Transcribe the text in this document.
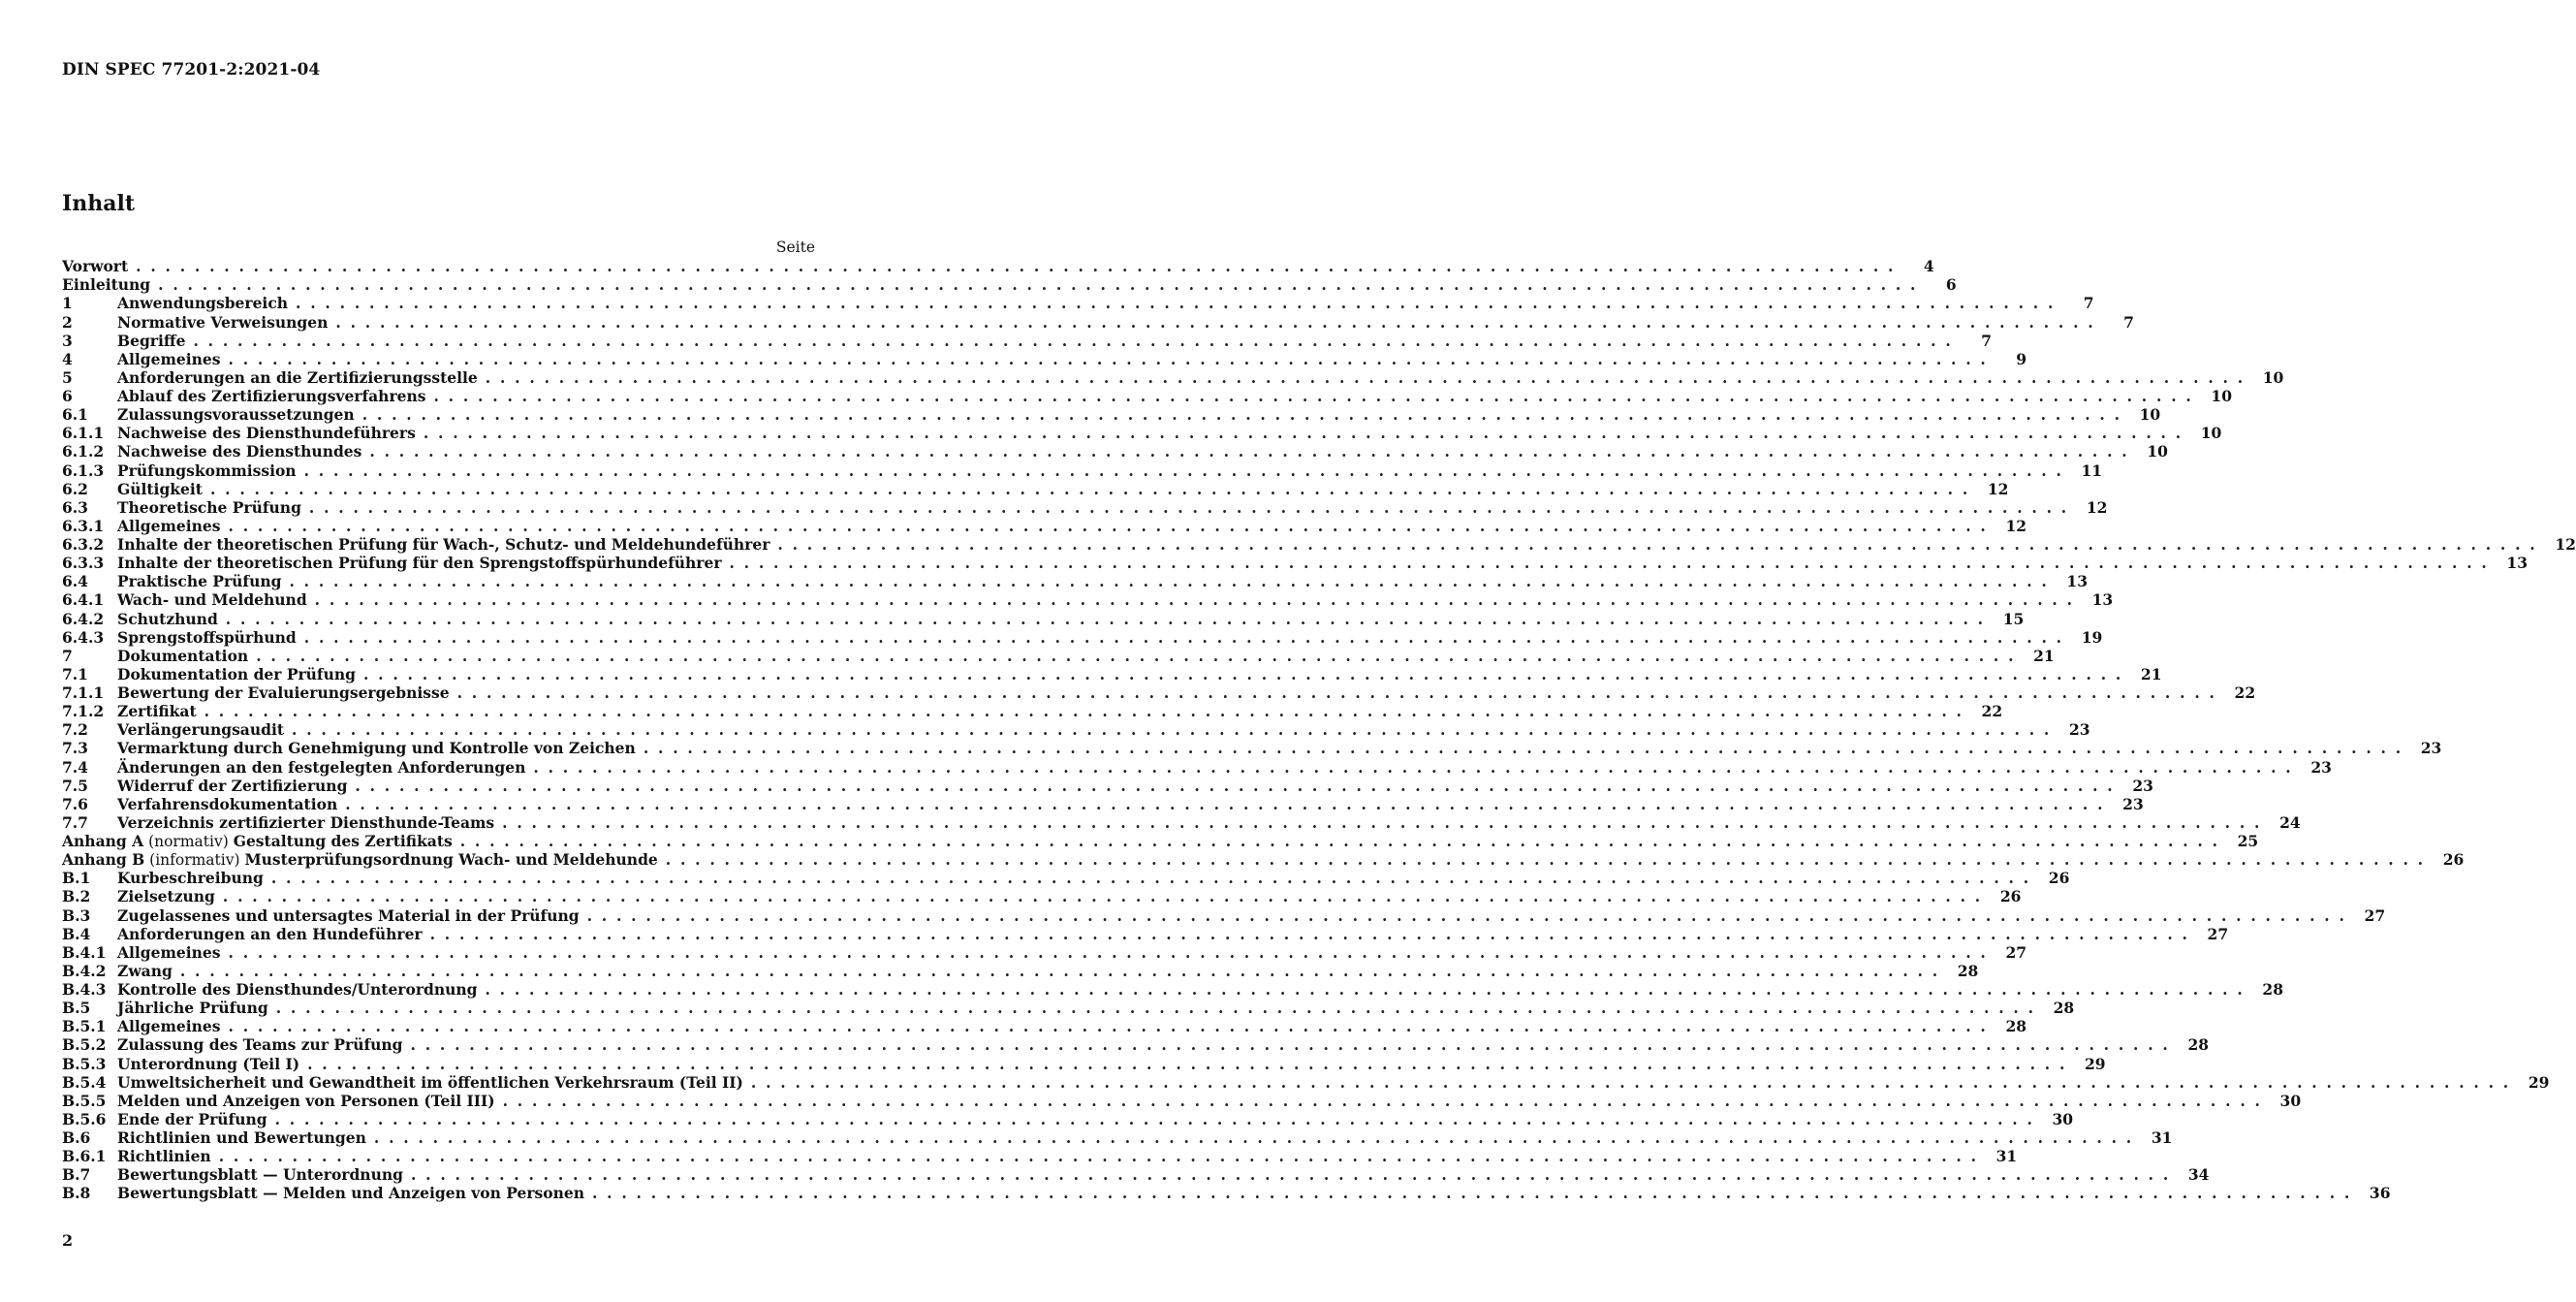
DIN SPEC 77201-2:2021-04
Inhalt
Seite
Vorwort . . . . . . . . . . . . . . . . . . . . . . . . . . . . . . . . . . . . . . . . . . . . . . . . . . . . . . . . . . . . . . . . . . . . . . . . . . . . . . . . . . . . . . . . . . . . . . . . . . . . . . . . . . . . . . . . . . . . . . . .	4
Einleitung . . . . . . . . . . . . . . . . . . . . . . . . . . . . . . . . . . . . . . . . . . . . . . . . . . . . . . . . . . . . . . . . . . . . . . . . . . . . . . . . . . . . . . . . . . . . . . . . . . . . . . . . . . . . . . . . . . . . . . . .	6
1	Anwendungsbereich . . . . . . . . . . . . . . . . . . . . . . . . . . . . . . . . . . . . . . . . . . . . . . . . . . . . . . . . . . . . . . . . . . . . . . . . . . . . . . . . . . . . . . . . . . . . . . . . . . . . . . . . . . . . . . . . . . . . . . . .	7
2	Normative Verweisungen . . . . . . . . . . . . . . . . . . . . . . . . . . . . . . . . . . . . . . . . . . . . . . . . . . . . . . . . . . . . . . . . . . . . . . . . . . . . . . . . . . . . . . . . . . . . . . . . . . . . . . . . . . . . . . . . . . . . . . . .	7
3	Begriffe . . . . . . . . . . . . . . . . . . . . . . . . . . . . . . . . . . . . . . . . . . . . . . . . . . . . . . . . . . . . . . . . . . . . . . . . . . . . . . . . . . . . . . . . . . . . . . . . . . . . . . . . . . . . . . . . . . . . . . . .	7
4	Allgemeines . . . . . . . . . . . . . . . . . . . . . . . . . . . . . . . . . . . . . . . . . . . . . . . . . . . . . . . . . . . . . . . . . . . . . . . . . . . . . . . . . . . . . . . . . . . . . . . . . . . . . . . . . . . . . . . . . . . . . . . .	9
5	Anforderungen an die Zertifizierungsstelle . . . . . . . . . . . . . . . . . . . . . . . . . . . . . . . . . . . . . . . . . . . . . . . . . . . . . . . . . . . . . . . . . . . . . . . . . . . . . . . . . . . . . . . . . . . . . . . . . . . . . . . . . . . . . . . . . . . . . . . .	10
6	Ablauf des Zertifizierungsverfahrens . . . . . . . . . . . . . . . . . . . . . . . . . . . . . . . . . . . . . . . . . . . . . . . . . . . . . . . . . . . . . . . . . . . . . . . . . . . . . . . . . . . . . . . . . . . . . . . . . . . . . . . . . . . . . . . . . . . . . . . .	10
6.1	Zulassungsvoraussetzungen . . . . . . . . . . . . . . . . . . . . . . . . . . . . . . . . . . . . . . . . . . . . . . . . . . . . . . . . . . . . . . . . . . . . . . . . . . . . . . . . . . . . . . . . . . . . . . . . . . . . . . . . . . . . . . . . . . . . . . . .	10
6.1.1 Nachweise des Diensthundeführers . . . . . . . . . . . . . . . . . . . . . . . . . . . . . . . . . . . . . . . . . . . . . . . . . . . . . . . . . . . . . . . . . . . . . . . . . . . . . . . . . . . . . . . . . . . . . . . . . . . . . . . . . . . . . . . . . . . . . . . .	10
6.1.2 Nachweise des Diensthundes . . . . . . . . . . . . . . . . . . . . . . . . . . . . . . . . . . . . . . . . . . . . . . . . . . . . . . . . . . . . . . . . . . . . . . . . . . . . . . . . . . . . . . . . . . . . . . . . . . . . . . . . . . . . . . . . . . . . . . . .	10
6.1.3 Prüfungskommission . . . . . . . . . . . . . . . . . . . . . . . . . . . . . . . . . . . . . . . . . . . . . . . . . . . . . . . . . . . . . . . . . . . . . . . . . . . . . . . . . . . . . . . . . . . . . . . . . . . . . . . . . . . . . . . . . . . . . . . .	11
6.2	Gültigkeit . . . . . . . . . . . . . . . . . . . . . . . . . . . . . . . . . . . . . . . . . . . . . . . . . . . . . . . . . . . . . . . . . . . . . . . . . . . . . . . . . . . . . . . . . . . . . . . . . . . . . . . . . . . . . . . . . . . . . . . .	12
6.3	Theoretische Prüfung . . . . . . . . . . . . . . . . . . . . . . . . . . . . . . . . . . . . . . . . . . . . . . . . . . . . . . . . . . . . . . . . . . . . . . . . . . . . . . . . . . . . . . . . . . . . . . . . . . . . . . . . . . . . . . . . . . . . . . . .	12
6.3.1 Allgemeines . . . . . . . . . . . . . . . . . . . . . . . . . . . . . . . . . . . . . . . . . . . . . . . . . . . . . . . . . . . . . . . . . . . . . . . . . . . . . . . . . . . . . . . . . . . . . . . . . . . . . . . . . . . . . . . . . . . . . . . .	12
6.3.2 Inhalte der theoretischen Prüfung für Wach-, Schutz- und Meldehundeführer . . . . . . . . . . . . . . . . . . . . . . . . . . . . . . . . . . . . . . . . . . . . . . . . . . . . . . . . . . . . . . . . . . . . . . . . . . . . . . . . . . . . . . . . . . . . . . . . . . . . . . . . . . . . . . . . . . . . . . . .	12
6.3.3 Inhalte der theoretischen Prüfung für den Sprengstoffspürhundeführer . . . . . . . . . . . . . . . . . . . . . . . . . . . . . . . . . . . . . . . . . . . . . . . . . . . . . . . . . . . . . . . . . . . . . . . . . . . . . . . . . . . . . . . . . . . . . . . . . . . . . . . . . . . . . . . . . . . . . . . .	13
6.4	Praktische Prüfung . . . . . . . . . . . . . . . . . . . . . . . . . . . . . . . . . . . . . . . . . . . . . . . . . . . . . . . . . . . . . . . . . . . . . . . . . . . . . . . . . . . . . . . . . . . . . . . . . . . . . . . . . . . . . . . . . . . . . . . .	13
6.4.1 Wach- und Meldehund . . . . . . . . . . . . . . . . . . . . . . . . . . . . . . . . . . . . . . . . . . . . . . . . . . . . . . . . . . . . . . . . . . . . . . . . . . . . . . . . . . . . . . . . . . . . . . . . . . . . . . . . . . . . . . . . . . . . . . . .	13
6.4.2 Schutzhund . . . . . . . . . . . . . . . . . . . . . . . . . . . . . . . . . . . . . . . . . . . . . . . . . . . . . . . . . . . . . . . . . . . . . . . . . . . . . . . . . . . . . . . . . . . . . . . . . . . . . . . . . . . . . . . . . . . . . . . .	15
6.4.3 Sprengstoffspürhund . . . . . . . . . . . . . . . . . . . . . . . . . . . . . . . . . . . . . . . . . . . . . . . . . . . . . . . . . . . . . . . . . . . . . . . . . . . . . . . . . . . . . . . . . . . . . . . . . . . . . . . . . . . . . . . . . . . . . . . .	19
7	Dokumentation . . . . . . . . . . . . . . . . . . . . . . . . . . . . . . . . . . . . . . . . . . . . . . . . . . . . . . . . . . . . . . . . . . . . . . . . . . . . . . . . . . . . . . . . . . . . . . . . . . . . . . . . . . . . . . . . . . . . . . . .	21
7.1	Dokumentation der Prüfung . . . . . . . . . . . . . . . . . . . . . . . . . . . . . . . . . . . . . . . . . . . . . . . . . . . . . . . . . . . . . . . . . . . . . . . . . . . . . . . . . . . . . . . . . . . . . . . . . . . . . . . . . . . . . . . . . . . . . . . .	21
7.1.1 Bewertung der Evaluierungsergebnisse . . . . . . . . . . . . . . . . . . . . . . . . . . . . . . . . . . . . . . . . . . . . . . . . . . . . . . . . . . . . . . . . . . . . . . . . . . . . . . . . . . . . . . . . . . . . . . . . . . . . . . . . . . . . . . . . . . . . . . . .	22
7.1.2 Zertifikat . . . . . . . . . . . . . . . . . . . . . . . . . . . . . . . . . . . . . . . . . . . . . . . . . . . . . . . . . . . . . . . . . . . . . . . . . . . . . . . . . . . . . . . . . . . . . . . . . . . . . . . . . . . . . . . . . . . . . . . .	22
7.2	Verlängerungsaudit . . . . . . . . . . . . . . . . . . . . . . . . . . . . . . . . . . . . . . . . . . . . . . . . . . . . . . . . . . . . . . . . . . . . . . . . . . . . . . . . . . . . . . . . . . . . . . . . . . . . . . . . . . . . . . . . . . . . . . . .	23
7.3	Vermarktung durch Genehmigung und Kontrolle von Zeichen . . . . . . . . . . . . . . . . . . . . . . . . . . . . . . . . . . . . . . . . . . . . . . . . . . . . . . . . . . . . . . . . . . . . . . . . . . . . . . . . . . . . . . . . . . . . . . . . . . . . . . . . . . . . . . . . . . . . . . . .	23
7.4	Änderungen an den festgelegten Anforderungen . . . . . . . . . . . . . . . . . . . . . . . . . . . . . . . . . . . . . . . . . . . . . . . . . . . . . . . . . . . . . . . . . . . . . . . . . . . . . . . . . . . . . . . . . . . . . . . . . . . . . . . . . . . . . . . . . . . . . . . .	23
7.5	Widerruf der Zertifizierung . . . . . . . . . . . . . . . . . . . . . . . . . . . . . . . . . . . . . . . . . . . . . . . . . . . . . . . . . . . . . . . . . . . . . . . . . . . . . . . . . . . . . . . . . . . . . . . . . . . . . . . . . . . . . . . . . . . . . . . .	23
7.6	Verfahrensdokumentation . . . . . . . . . . . . . . . . . . . . . . . . . . . . . . . . . . . . . . . . . . . . . . . . . . . . . . . . . . . . . . . . . . . . . . . . . . . . . . . . . . . . . . . . . . . . . . . . . . . . . . . . . . . . . . . . . . . . . . . .	23
7.7	Verzeichnis zertifizierter Diensthunde-Teams . . . . . . . . . . . . . . . . . . . . . . . . . . . . . . . . . . . . . . . . . . . . . . . . . . . . . . . . . . . . . . . . . . . . . . . . . . . . . . . . . . . . . . . . . . . . . . . . . . . . . . . . . . . . . . . . . . . . . . . .	24
Anhang A (normativ) Gestaltung des Zertifikats . . . . . . . . . . . . . . . . . . . . . . . . . . . . . . . . . . . . . . . . . . . . . . . . . . . . . . . . . . . . . . . . . . . . . . . . . . . . . . . . . . . . . . . . . . . . . . . . . . . . . . . . . . . . . . . . . . . . . . . .	25
Anhang B (informativ) Musterprüfungsordnung Wach- und Meldehunde . . . . . . . . . . . . . . . . . . . . . . . . . . . . . . . . . . . . . . . . . . . . . . . . . . . . . . . . . . . . . . . . . . . . . . . . . . . . . . . . . . . . . . . . . . . . . . . . . . . . . . . . . . . . . . . . . . . . . . . .	26
B.1	Kurbeschreibung . . . . . . . . . . . . . . . . . . . . . . . . . . . . . . . . . . . . . . . . . . . . . . . . . . . . . . . . . . . . . . . . . . . . . . . . . . . . . . . . . . . . . . . . . . . . . . . . . . . . . . . . . . . . . . . . . . . . . . . .	26
B.2	Zielsetzung . . . . . . . . . . . . . . . . . . . . . . . . . . . . . . . . . . . . . . . . . . . . . . . . . . . . . . . . . . . . . . . . . . . . . . . . . . . . . . . . . . . . . . . . . . . . . . . . . . . . . . . . . . . . . . . . . . . . . . . .	26
B.3	Zugelassenes und untersagtes Material in der Prüfung . . . . . . . . . . . . . . . . . . . . . . . . . . . . . . . . . . . . . . . . . . . . . . . . . . . . . . . . . . . . . . . . . . . . . . . . . . . . . . . . . . . . . . . . . . . . . . . . . . . . . . . . . . . . . . . . . . . . . . . .	27
B.4	Anforderungen an den Hundeführer . . . . . . . . . . . . . . . . . . . . . . . . . . . . . . . . . . . . . . . . . . . . . . . . . . . . . . . . . . . . . . . . . . . . . . . . . . . . . . . . . . . . . . . . . . . . . . . . . . . . . . . . . . . . . . . . . . . . . . . .	27
B.4.1 Allgemeines . . . . . . . . . . . . . . . . . . . . . . . . . . . . . . . . . . . . . . . . . . . . . . . . . . . . . . . . . . . . . . . . . . . . . . . . . . . . . . . . . . . . . . . . . . . . . . . . . . . . . . . . . . . . . . . . . . . . . . . .	27
B.4.2 Zwang . . . . . . . . . . . . . . . . . . . . . . . . . . . . . . . . . . . . . . . . . . . . . . . . . . . . . . . . . . . . . . . . . . . . . . . . . . . . . . . . . . . . . . . . . . . . . . . . . . . . . . . . . . . . . . . . . . . . . . . .	28
B.4.3 Kontrolle des Diensthundes/Unterordnung . . . . . . . . . . . . . . . . . . . . . . . . . . . . . . . . . . . . . . . . . . . . . . . . . . . . . . . . . . . . . . . . . . . . . . . . . . . . . . . . . . . . . . . . . . . . . . . . . . . . . . . . . . . . . . . . . . . . . . . .	28
B.5	Jährliche Prüfung . . . . . . . . . . . . . . . . . . . . . . . . . . . . . . . . . . . . . . . . . . . . . . . . . . . . . . . . . . . . . . . . . . . . . . . . . . . . . . . . . . . . . . . . . . . . . . . . . . . . . . . . . . . . . . . . . . . . . . . .	28
B.5.1 Allgemeines . . . . . . . . . . . . . . . . . . . . . . . . . . . . . . . . . . . . . . . . . . . . . . . . . . . . . . . . . . . . . . . . . . . . . . . . . . . . . . . . . . . . . . . . . . . . . . . . . . . . . . . . . . . . . . . . . . . . . . . .	28
B.5.2 Zulassung des Teams zur Prüfung . . . . . . . . . . . . . . . . . . . . . . . . . . . . . . . . . . . . . . . . . . . . . . . . . . . . . . . . . . . . . . . . . . . . . . . . . . . . . . . . . . . . . . . . . . . . . . . . . . . . . . . . . . . . . . . . . . . . . . . .	28
B.5.3 Unterordnung (Teil I) . . . . . . . . . . . . . . . . . . . . . . . . . . . . . . . . . . . . . . . . . . . . . . . . . . . . . . . . . . . . . . . . . . . . . . . . . . . . . . . . . . . . . . . . . . . . . . . . . . . . . . . . . . . . . . . . . . . . . . . .	29
B.5.4 Umweltsicherheit und Gewandtheit im öffentlichen Verkehrsraum (Teil II) . . . . . . . . . . . . . . . . . . . . . . . . . . . . . . . . . . . . . . . . . . . . . . . . . . . . . . . . . . . . . . . . . . . . . . . . . . . . . . . . . . . . . . . . . . . . . . . . . . . . . . . . . . . . . . . . . . . . . . . .	29
B.5.5 Melden und Anzeigen von Personen (Teil III) . . . . . . . . . . . . . . . . . . . . . . . . . . . . . . . . . . . . . . . . . . . . . . . . . . . . . . . . . . . . . . . . . . . . . . . . . . . . . . . . . . . . . . . . . . . . . . . . . . . . . . . . . . . . . . . . . . . . . . . .	30
B.5.6 Ende der Prüfung . . . . . . . . . . . . . . . . . . . . . . . . . . . . . . . . . . . . . . . . . . . . . . . . . . . . . . . . . . . . . . . . . . . . . . . . . . . . . . . . . . . . . . . . . . . . . . . . . . . . . . . . . . . . . . . . . . . . . . . .	30
B.6	Richtlinien und Bewertungen . . . . . . . . . . . . . . . . . . . . . . . . . . . . . . . . . . . . . . . . . . . . . . . . . . . . . . . . . . . . . . . . . . . . . . . . . . . . . . . . . . . . . . . . . . . . . . . . . . . . . . . . . . . . . . . . . . . . . . . .	31
B.6.1 Richtlinien . . . . . . . . . . . . . . . . . . . . . . . . . . . . . . . . . . . . . . . . . . . . . . . . . . . . . . . . . . . . . . . . . . . . . . . . . . . . . . . . . . . . . . . . . . . . . . . . . . . . . . . . . . . . . . . . . . . . . . . .	31
B.7	Bewertungsblatt — Unterordnung . . . . . . . . . . . . . . . . . . . . . . . . . . . . . . . . . . . . . . . . . . . . . . . . . . . . . . . . . . . . . . . . . . . . . . . . . . . . . . . . . . . . . . . . . . . . . . . . . . . . . . . . . . . . . . . . . . . . . . . .	34
B.8	Bewertungsblatt — Melden und Anzeigen von Personen . . . . . . . . . . . . . . . . . . . . . . . . . . . . . . . . . . . . . . . . . . . . . . . . . . . . . . . . . . . . . . . . . . . . . . . . . . . . . . . . . . . . . . . . . . . . . . . . . . . . . . . . . . . . . . . . . . . . . . . .	36
2
